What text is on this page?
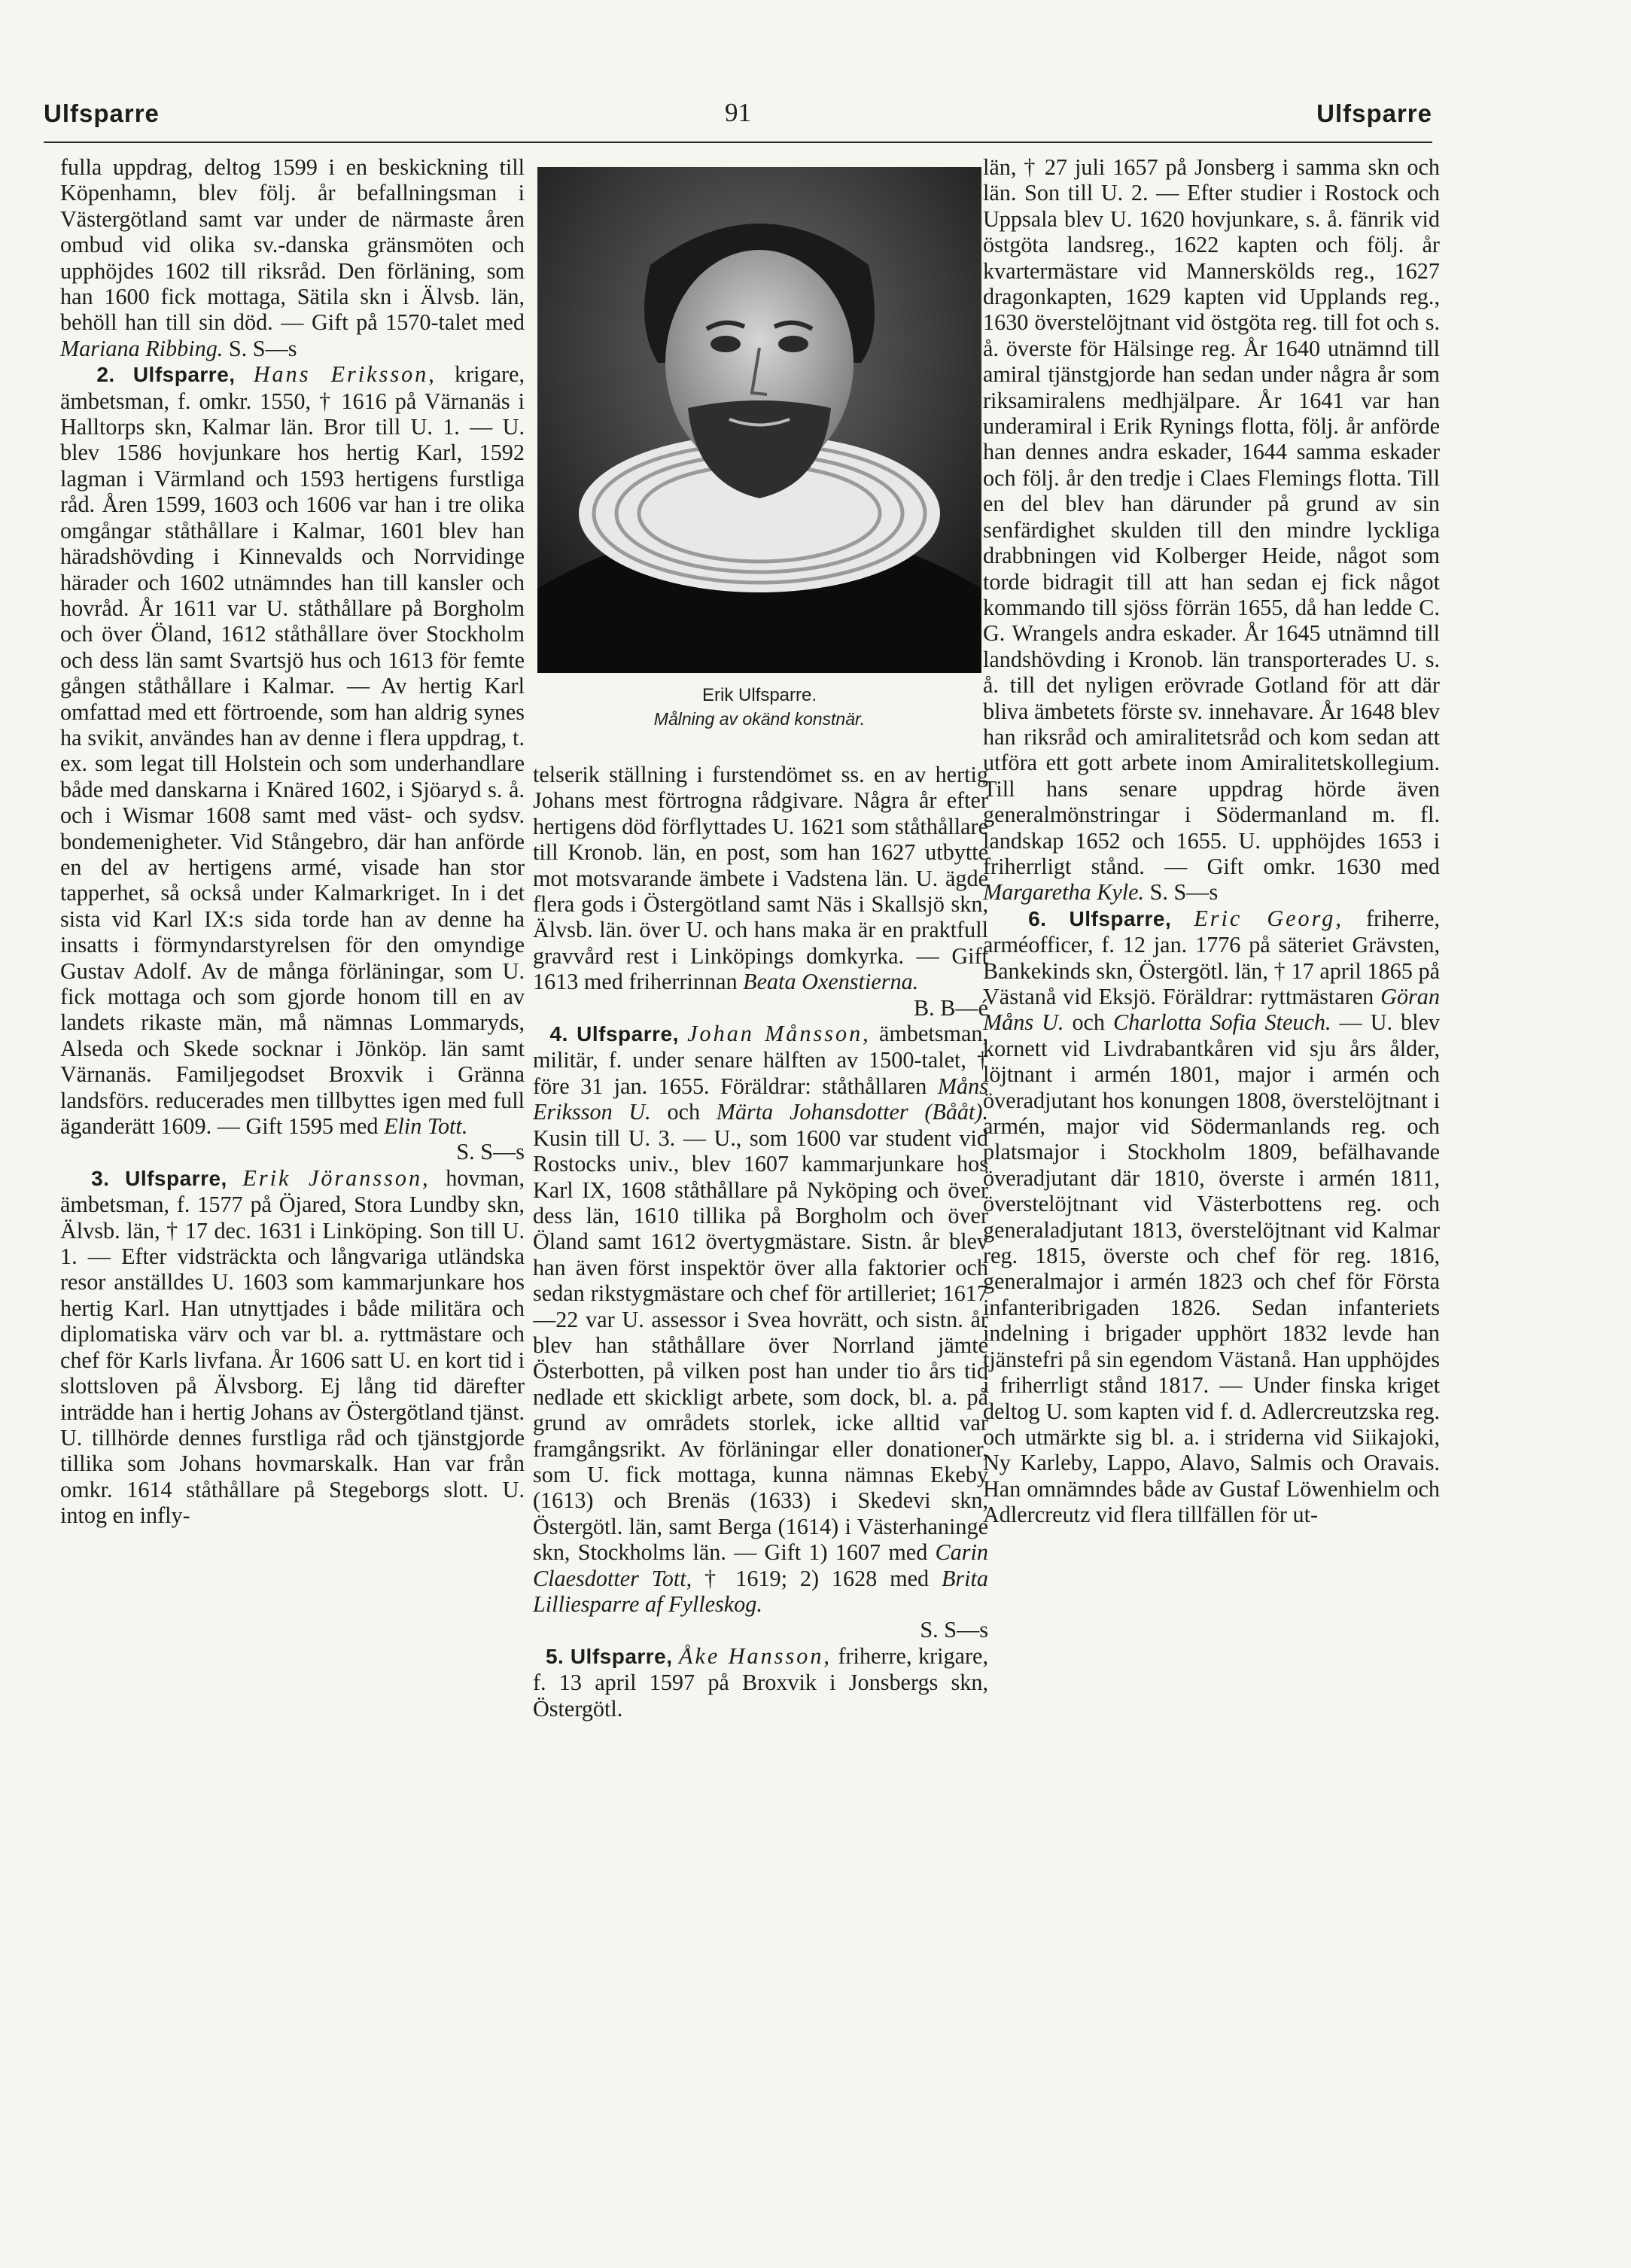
Ulfsparre	91	Ulfsparre

fulla uppdrag, deltog 1599 i en beskickning till Köpenhamn, blev följ. år befallningsman i Västergötland samt var under de närmaste åren ombud vid olika sv.-danska gränsmöten och upphöjdes 1602 till riksråd. Den förläning, som han 1600 fick mottaga, Sätila skn i Älvsb. län, behöll han till sin död. — Gift på 1570-talet med Mariana Ribbing. S. S—s

2. Ulfsparre, Hans Eriksson, krigare, ämbetsman, f. omkr. 1550, † 1616 på Värnanäs i Halltorps skn, Kalmar län. Bror till U. 1. — U. blev 1586 hovjunkare hos hertig Karl, 1592 lagman i Värmland och 1593 hertigens furstliga råd. Åren 1599, 1603 och 1606 var han i tre olika omgångar ståthållare i Kalmar, 1601 blev han häradshövding i Kinnevalds och Norrvidinge härader och 1602 utnämndes han till kansler och hovråd. År 1611 var U. ståthållare på Borgholm och över Öland, 1612 ståthållare över Stockholm och dess län samt Svartsjö hus och 1613 för femte gången ståthållare i Kalmar. — Av hertig Karl omfattad med ett förtroende, som han aldrig synes ha svikit, användes han av denne i flera uppdrag, t. ex. som legat till Holstein och som underhandlare både med danskarna i Knäred 1602, i Sjöaryd s. å. och i Wismar 1608 samt med väst- och sydsv. bondemenigheter. Vid Stångebro, där han anförde en del av hertigens armé, visade han stor tapperhet, så också under Kalmarkriget. In i det sista vid Karl IX:s sida torde han av denne ha insatts i förmyndarstyrelsen för den omyndige Gustav Adolf. Av de många förläningar, som U. fick mottaga och som gjorde honom till en av landets rikaste män, må nämnas Lommaryds, Alseda och Skede socknar i Jönköp. län samt Värnanäs. Familjegodset Broxvik i Gränna landsförs. reducerades men tillbyttes igen med full äganderätt 1609. — Gift 1595 med Elin Tott.
S. S—s

3. Ulfsparre, Erik Jöransson, hovman, ämbetsman, f. 1577 på Öjared, Stora Lundby skn, Älvsb. län, † 17 dec. 1631 i Linköping. Son till U. 1. — Efter vidsträckta och långvariga utländska resor anställdes U. 1603 som kammarjunkare hos hertig Karl. Han utnyttjades i både militära och diplomatiska värv och var bl. a. ryttmästare och chef för Karls livfana. År 1606 satt U. en kort tid i slottsloven på Älvsborg. Ej lång tid därefter inträdde han i hertig Johans av Östergötland tjänst. U. tillhörde dennes furstliga råd och tjänstgjorde tillika som Johans hovmarskalk. Han var från omkr. 1614 ståthållare på Stegeborgs slott. U. intog en infly-

Erik Ulfsparre.
Målning av okänd konstnär.

telserik ställning i furstendömet ss. en av hertig Johans mest förtrogna rådgivare. Några år efter hertigens död förflyttades U. 1621 som ståthållare till Kronob. län, en post, som han 1627 utbytte mot motsvarande ämbete i Vadstena län. U. ägde flera gods i Östergötland samt Näs i Skallsjö skn, Älvsb. län. över U. och hans maka är en praktfull gravvård rest i Linköpings domkyrka. — Gift 1613 med friherrinnan Beata Oxenstierna.
B. B—é

4. Ulfsparre, Johan Månsson, ämbetsman, militär, f. under senare hälften av 1500-talet, † före 31 jan. 1655. Föräldrar: ståthållaren Måns Eriksson U. och Märta Johansdotter (Bååt). Kusin till U. 3. — U., som 1600 var student vid Rostocks univ., blev 1607 kammarjunkare hos Karl IX, 1608 ståthållare på Nyköping och över dess län, 1610 tillika på Borgholm och över Öland samt 1612 övertygmästare. Sistn. år blev han även först inspektör över alla faktorier och sedan rikstygmästare och chef för artilleriet; 1617—22 var U. assessor i Svea hovrätt, och sistn. år blev han ståthållare över Norrland jämte Österbotten, på vilken post han under tio års tid nedlade ett skickligt arbete, som dock, bl. a. på grund av områdets storlek, icke alltid var framgångsrikt. Av förläningar eller donationer, som U. fick mottaga, kunna nämnas Ekeby (1613) och Brenäs (1633) i Skedevi skn, Östergötl. län, samt Berga (1614) i Västerhaninge skn, Stockholms län. — Gift 1) 1607 med Carin Claesdotter Tott, † 1619; 2) 1628 med Brita Lilliesparre af Fylleskog.
S. S—s

5. Ulfsparre, Åke Hansson, friherre, krigare, f. 13 april 1597 på Broxvik i Jonsbergs skn, Östergötl.

län, † 27 juli 1657 på Jonsberg i samma skn och län. Son till U. 2. — Efter studier i Rostock och Uppsala blev U. 1620 hovjunkare, s. å. fänrik vid östgöta landsreg., 1622 kapten och följ. år kvartermästare vid Mannerskölds reg., 1627 dragonkapten, 1629 kapten vid Upplands reg., 1630 överstelöjtnant vid östgöta reg. till fot och s. å. överste för Hälsinge reg. År 1640 utnämnd till amiral tjänstgjorde han sedan under några år som riksamiralens medhjälpare. År 1641 var han underamiral i Erik Rynings flotta, följ. år anförde han dennes andra eskader, 1644 samma eskader och följ. år den tredje i Claes Flemings flotta. Till en del blev han därunder på grund av sin senfärdighet skulden till den mindre lyckliga drabbningen vid Kolberger Heide, något som torde bidragit till att han sedan ej fick något kommando till sjöss förrän 1655, då han ledde C. G. Wrangels andra eskader. År 1645 utnämnd till landshövding i Kronob. län transporterades U. s. å. till det nyligen erövrade Gotland för att där bliva ämbetets förste sv. innehavare. År 1648 blev han riksråd och amiralitetsråd och kom sedan att utföra ett gott arbete inom Amiralitetskollegium. Till hans senare uppdrag hörde även generalmönstringar i Södermanland m. fl. landskap 1652 och 1655. U. upphöjdes 1653 i friherrligt stånd. — Gift omkr. 1630 med Margaretha Kyle. S. S—s

6. Ulfsparre, Eric Georg, friherre, arméofficer, f. 12 jan. 1776 på säteriet Grävsten, Bankekinds skn, Östergötl. län, † 17 april 1865 på Västanå vid Eksjö. Föräldrar: ryttmästaren Göran Måns U. och Charlotta Sofia Steuch. — U. blev kornett vid Livdrabantkåren vid sju års ålder, löjtnant i armén 1801, major i armén och överadjutant hos konungen 1808, överstelöjtnant i armén, major vid Södermanlands reg. och platsmajor i Stockholm 1809, befälhavande överadjutant där 1810, överste i armén 1811, överstelöjtnant vid Västerbottens reg. och generaladjutant 1813, överstelöjtnant vid Kalmar reg. 1815, överste och chef för reg. 1816, generalmajor i armén 1823 och chef för Första infanteribrigaden 1826. Sedan infanteriets indelning i brigader upphört 1832 levde han tjänstefri på sin egendom Västanå. Han upphöjdes i friherrligt stånd 1817. — Under finska kriget deltog U. som kapten vid f. d. Adlercreutzska reg. och utmärkte sig bl. a. i striderna vid Siikajoki, Ny Karleby, Lappo, Alavo, Salmis och Oravais. Han omnämndes både av Gustaf Löwenhielm och Adlercreutz vid flera tillfällen för ut-
